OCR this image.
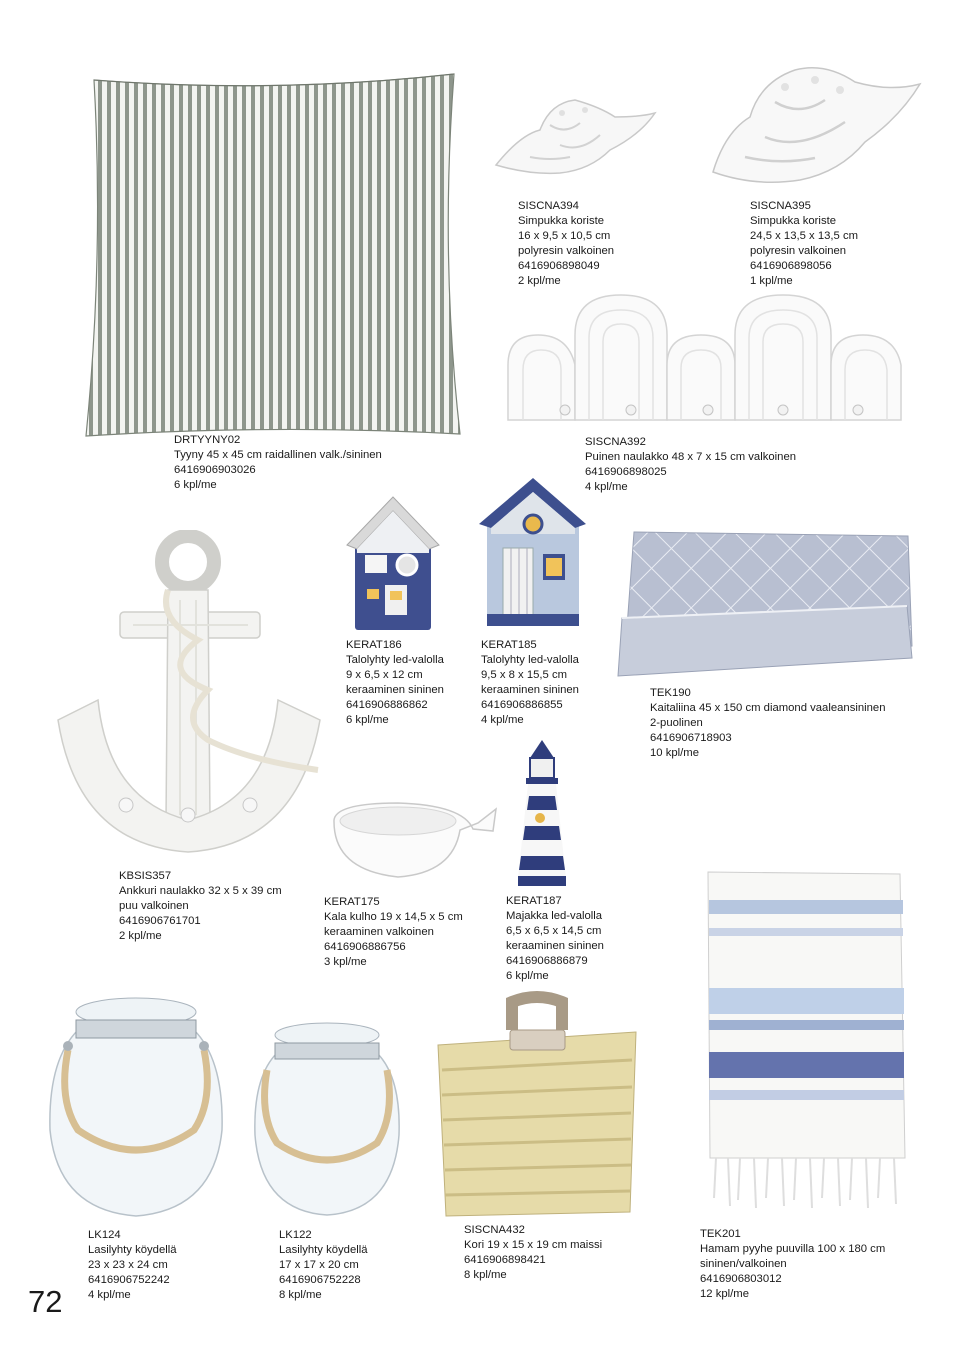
DRTYYNY02
Tyyny 45 x 45 cm raidallinen valk./sininen
6416906903026
6 kpl/me
SISCNA394
Simpukka koriste
16 x 9,5 x 10,5 cm
polyresin valkoinen
6416906898049
2 kpl/me
SISCNA395
Simpukka koriste
24,5 x 13,5 x 13,5 cm
polyresin valkoinen
6416906898056
1 kpl/me
SISCNA392
Puinen naulakko 48 x 7 x 15 cm valkoinen
6416906898025
4 kpl/me
KERAT186
Talolyhty led-valolla
9 x 6,5 x 12 cm
keraaminen sininen
6416906886862
6 kpl/me
KERAT185
Talolyhty led-valolla
9,5 x 8 x 15,5 cm
keraaminen sininen
6416906886855
4 kpl/me
TEK190
Kaitaliina 45 x 150 cm diamond vaaleansininen
2-puolinen
6416906718903
10 kpl/me
KBSIS357
Ankkuri naulakko 32 x 5 x 39 cm
puu valkoinen
6416906761701
2 kpl/me
KERAT175
Kala kulho 19 x 14,5 x 5 cm
keraaminen valkoinen
6416906886756
3 kpl/me
KERAT187
Majakka led-valolla
6,5 x 6,5 x 14,5 cm
keraaminen sininen
6416906886879
6 kpl/me
LK124
Lasilyhty köydellä
23 x 23 x 24 cm
6416906752242
4 kpl/me
LK122
Lasilyhty köydellä
17 x 17 x 20 cm
6416906752228
8 kpl/me
SISCNA432
Kori 19 x 15 x 19 cm maissi
6416906898421
8 kpl/me
TEK201
Hamam pyyhe puuvilla 100 x 180 cm
sininen/valkoinen
6416906803012
12 kpl/me
72
